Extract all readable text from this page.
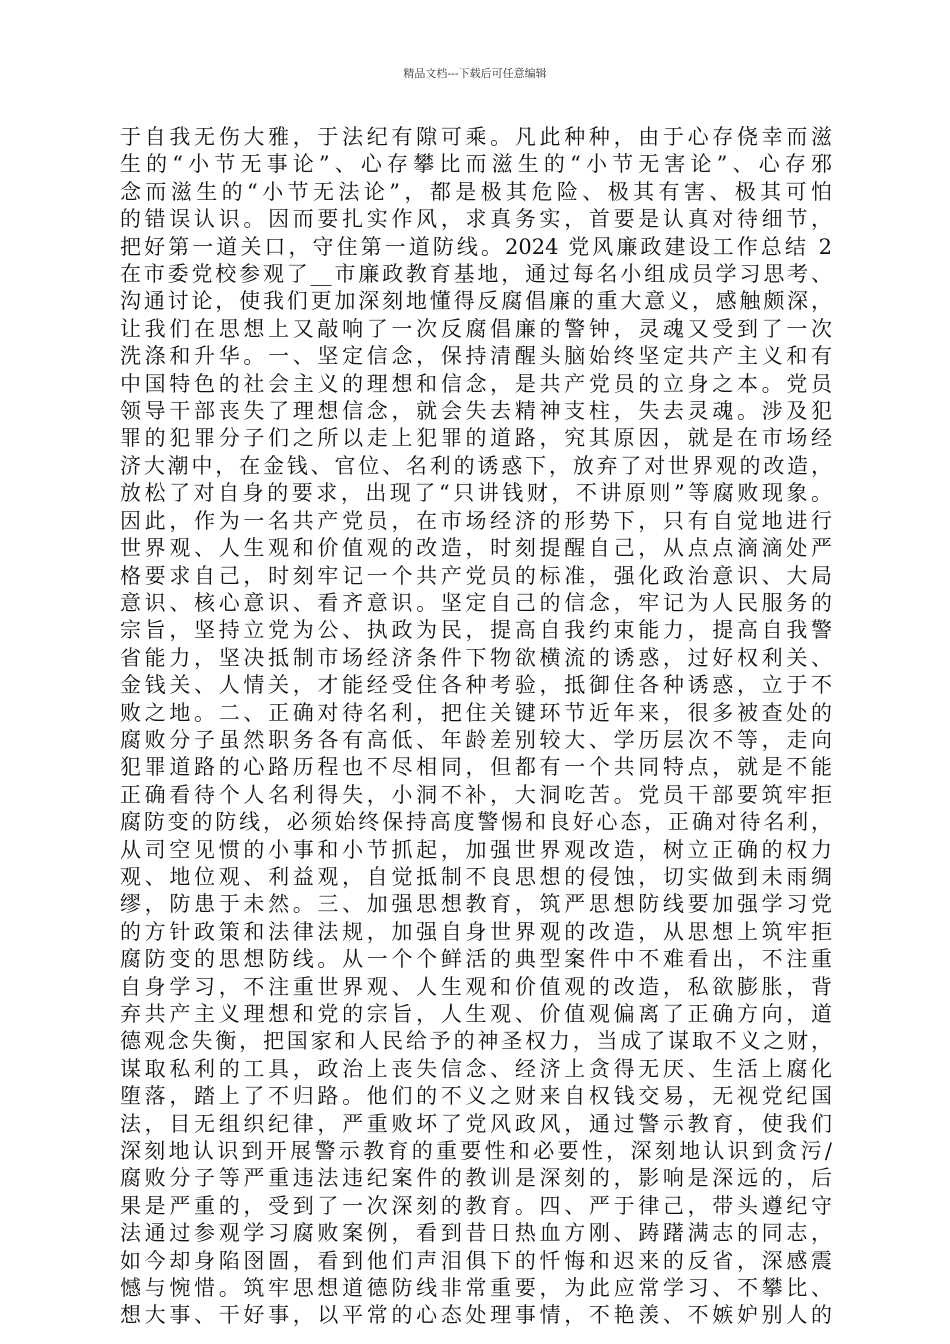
精品文档---下载后可任意编辑
于自我无伤大雅，于法纪有隙可乘。凡此种种，由于心存侥幸而滋
生的“小节无事论”、心存攀比而滋生的“小节无害论”、心存邪
念而滋生的“小节无法论”，都是极其危险、极其有害、极其可怕
的错误认识。因而要扎实作风，求真务实，首要是认真对待细节，
把好第一道关口，守住第一道防线。2024 党风廉政建设工作总结 2
在市委党校参观了__市廉政教育基地，通过每名小组成员学习思考、
沟通讨论，使我们更加深刻地懂得反腐倡廉的重大意义，感触颇深，
让我们在思想上又敲响了一次反腐倡廉的警钟，灵魂又受到了一次
洗涤和升华。一、坚定信念，保持清醒头脑始终坚定共产主义和有
中国特色的社会主义的理想和信念，是共产党员的立身之本。党员
领导干部丧失了理想信念，就会失去精神支柱，失去灵魂。涉及犯
罪的犯罪分子们之所以走上犯罪的道路，究其原因，就是在市场经
济大潮中，在金钱、官位、名利的诱惑下，放弃了对世界观的改造，
放松了对自身的要求，出现了“只讲钱财，不讲原则”等腐败现象。
因此，作为一名共产党员，在市场经济的形势下，只有自觉地进行
世界观、人生观和价值观的改造，时刻提醒自己，从点点滴滴处严
格要求自己，时刻牢记一个共产党员的标准，强化政治意识、大局
意识、核心意识、看齐意识。坚定自己的信念，牢记为人民服务的
宗旨，坚持立党为公、执政为民，提高自我约束能力，提高自我警
省能力，坚决抵制市场经济条件下物欲横流的诱惑，过好权利关、
金钱关、人情关，才能经受住各种考验，抵御住各种诱惑，立于不
败之地。二、正确对待名利，把住关键环节近年来，很多被查处的
腐败分子虽然职务各有高低、年龄差别较大、学历层次不等，走向
犯罪道路的心路历程也不尽相同，但都有一个共同特点，就是不能
正确看待个人名利得失，小洞不补，大洞吃苦。党员干部要筑牢拒
腐防变的防线，必须始终保持高度警惕和良好心态，正确对待名利，
从司空见惯的小事和小节抓起，加强世界观改造，树立正确的权力
观、地位观、利益观，自觉抵制不良思想的侵蚀，切实做到未雨绸
缪，防患于未然。三、加强思想教育，筑严思想防线要加强学习党
的方针政策和法律法规，加强自身世界观的改造，从思想上筑牢拒
腐防变的思想防线。从一个个鲜活的典型案件中不难看出，不注重
自身学习，不注重世界观、人生观和价值观的改造，私欲膨胀，背
弃共产主义理想和党的宗旨，人生观、价值观偏离了正确方向，道
德观念失衡，把国家和人民给予的神圣权力，当成了谋取不义之财，
谋取私利的工具，政治上丧失信念、经济上贪得无厌、生活上腐化
堕落，踏上了不归路。他们的不义之财来自权钱交易，无视党纪国
法，目无组织纪律，严重败坏了党风政风，通过警示教育，使我们
深刻地认识到开展警示教育的重要性和必要性，深刻地认识到贪污/
腐败分子等严重违法违纪案件的教训是深刻的，影响是深远的，后
果是严重的，受到了一次深刻的教育。四、严于律己，带头遵纪守
法通过参观学习腐败案例，看到昔日热血方刚、踌躇满志的同志，
如今却身陷囹圄，看到他们声泪俱下的忏悔和迟来的反省，深感震
憾与惋惜。筑牢思想道德防线非常重要，为此应常学习、不攀比、
想大事、干好事，以平常的心态处理事情，不艳羡、不嫉妒别人的
